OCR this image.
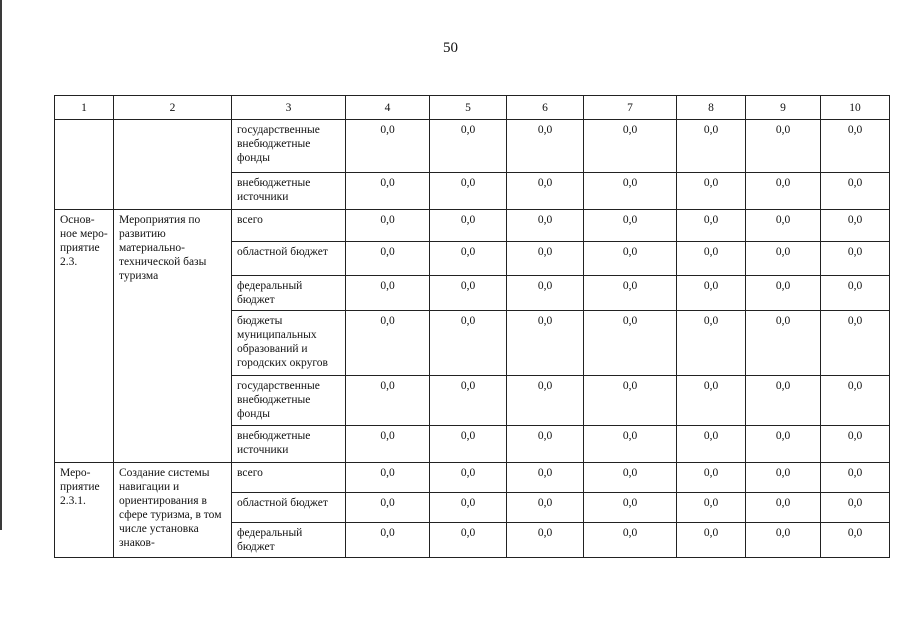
50
1	2	3	4	5	6	7	8	9	10
		государственные внебюджетные фонды	0,0	0,0	0,0	0,0	0,0	0,0	0,0
		внебюджетные источники	0,0	0,0	0,0	0,0	0,0	0,0	0,0
Основ-ное меро-приятие 2.3.	Мероприятия по развитию материально-технической базы туризма	всего	0,0	0,0	0,0	0,0	0,0	0,0	0,0
		областной бюджет	0,0	0,0	0,0	0,0	0,0	0,0	0,0
		федеральный бюджет	0,0	0,0	0,0	0,0	0,0	0,0	0,0
		бюджеты муниципальных образований и городских округов	0,0	0,0	0,0	0,0	0,0	0,0	0,0
		государственные внебюджетные фонды	0,0	0,0	0,0	0,0	0,0	0,0	0,0
		внебюджетные источники	0,0	0,0	0,0	0,0	0,0	0,0	0,0
Меро-приятие 2.3.1.	Создание системы навигации и ориентирования в сфере туризма, в том числе установка знаков-	всего	0,0	0,0	0,0	0,0	0,0	0,0	0,0
		областной бюджет	0,0	0,0	0,0	0,0	0,0	0,0	0,0
		федеральный бюджет	0,0	0,0	0,0	0,0	0,0	0,0	0,0
